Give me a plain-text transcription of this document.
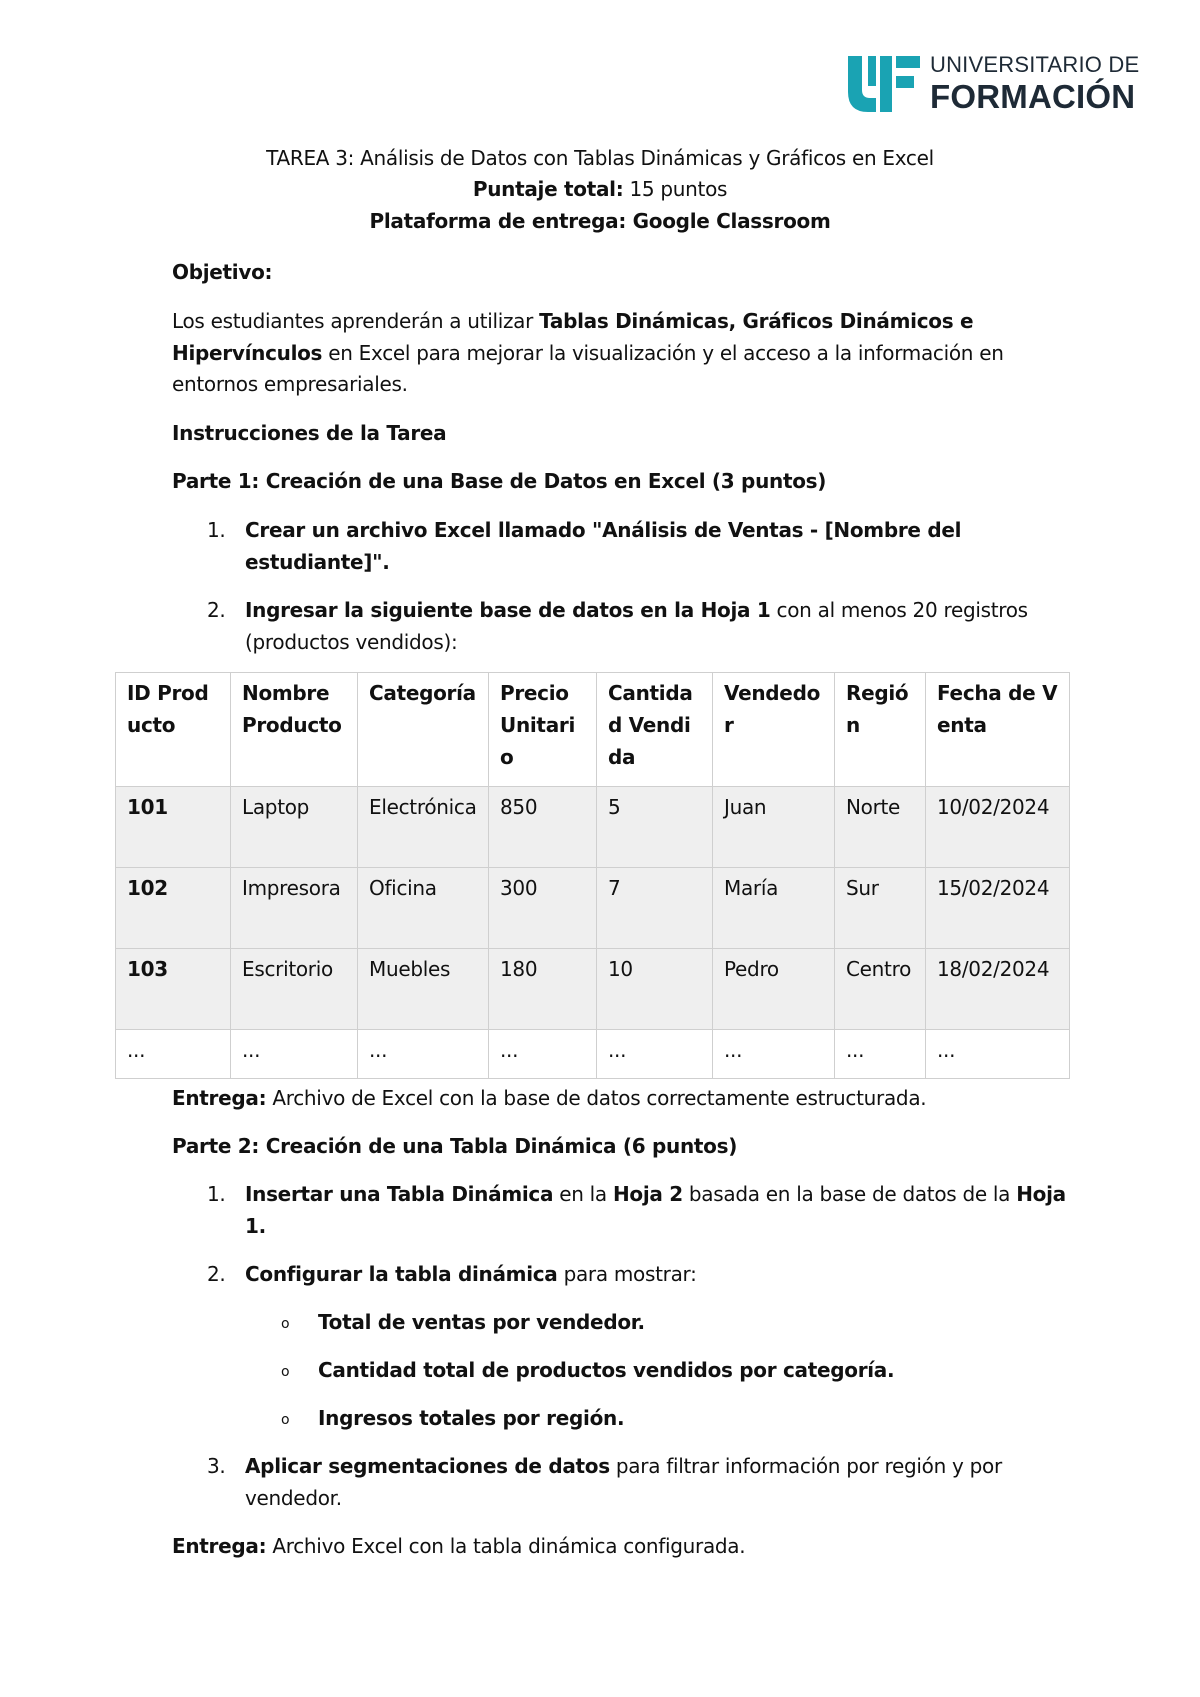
UNIVERSITARIO DE
FORMACIÓN
TAREA 3: Análisis de Datos con Tablas Dinámicas y Gráficos en Excel
Puntaje total: 15 puntos
Plataforma de entrega: Google Classroom
Objetivo:
Los estudiantes aprenderán a utilizar Tablas Dinámicas, Gráficos Dinámicos e
Hipervínculos en Excel para mejorar la visualización y el acceso a la información en
entornos empresariales.
Instrucciones de la Tarea
Parte 1: Creación de una Base de Datos en Excel (3 puntos)
1. Crear un archivo Excel llamado "Análisis de Ventas - [Nombre del
estudiante]".
2. Ingresar la siguiente base de datos en la Hoja 1 con al menos 20 registros
(productos vendidos):
ID Producto	Nombre Producto	Categoría	Precio Unitario	Cantidad Vendida	Vendedor	Región	Fecha de Venta
101	Laptop	Electrónica	850	5	Juan	Norte	10/02/2024
102	Impresora	Oficina	300	7	María	Sur	15/02/2024
103	Escritorio	Muebles	180	10	Pedro	Centro	18/02/2024
...	...	...	...	...	...	...	...
Entrega: Archivo de Excel con la base de datos correctamente estructurada.
Parte 2: Creación de una Tabla Dinámica (6 puntos)
1. Insertar una Tabla Dinámica en la Hoja 2 basada en la base de datos de la Hoja
1.
2. Configurar la tabla dinámica para mostrar:
o Total de ventas por vendedor.
o Cantidad total de productos vendidos por categoría.
o Ingresos totales por región.
3. Aplicar segmentaciones de datos para filtrar información por región y por
vendedor.
Entrega: Archivo Excel con la tabla dinámica configurada.
